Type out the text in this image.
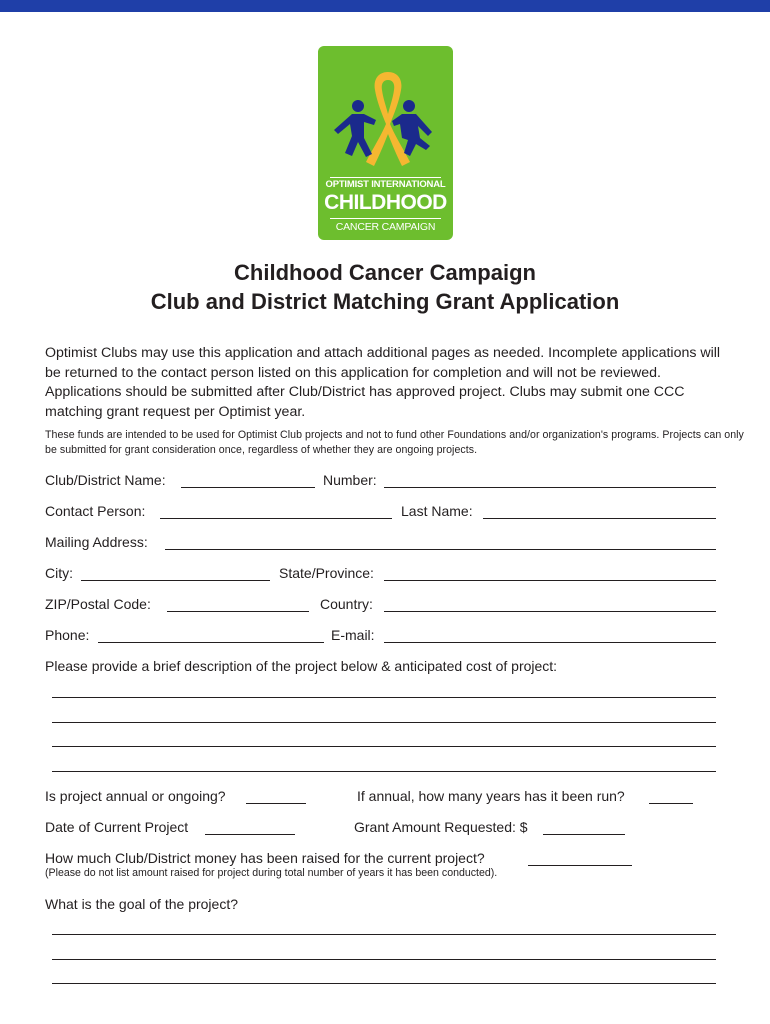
OPTIMIST INTERNATIONAL
CHILDHOOD
CANCER CAMPAIGN
Childhood Cancer Campaign
Club and District Matching Grant Application
Optimist Clubs may use this application and attach additional pages as needed. Incomplete applications will be returned to the contact person listed on this application for completion and will not be reviewed. Applications should be submitted after Club/District has approved project. Clubs may submit one CCC matching grant request per Optimist year.
These funds are intended to be used for Optimist Club projects and not to fund other Foundations and/or organization's programs. Projects can only be submitted for grant consideration once, regardless of whether they are ongoing projects.
Club/District Name:	Number:
Contact Person:	Last Name:
Mailing Address:
City:	State/Province:
ZIP/Postal Code:	Country:
Phone:	E-mail:
Please provide a brief description of the project below & anticipated cost of project:
Is project annual or ongoing?	If annual, how many years has it been run?
Date of Current Project	Grant Amount Requested: $
How much Club/District money has been raised for the current project?
(Please do not list amount raised for project during total number of years it has been conducted).
What is the goal of the project?
